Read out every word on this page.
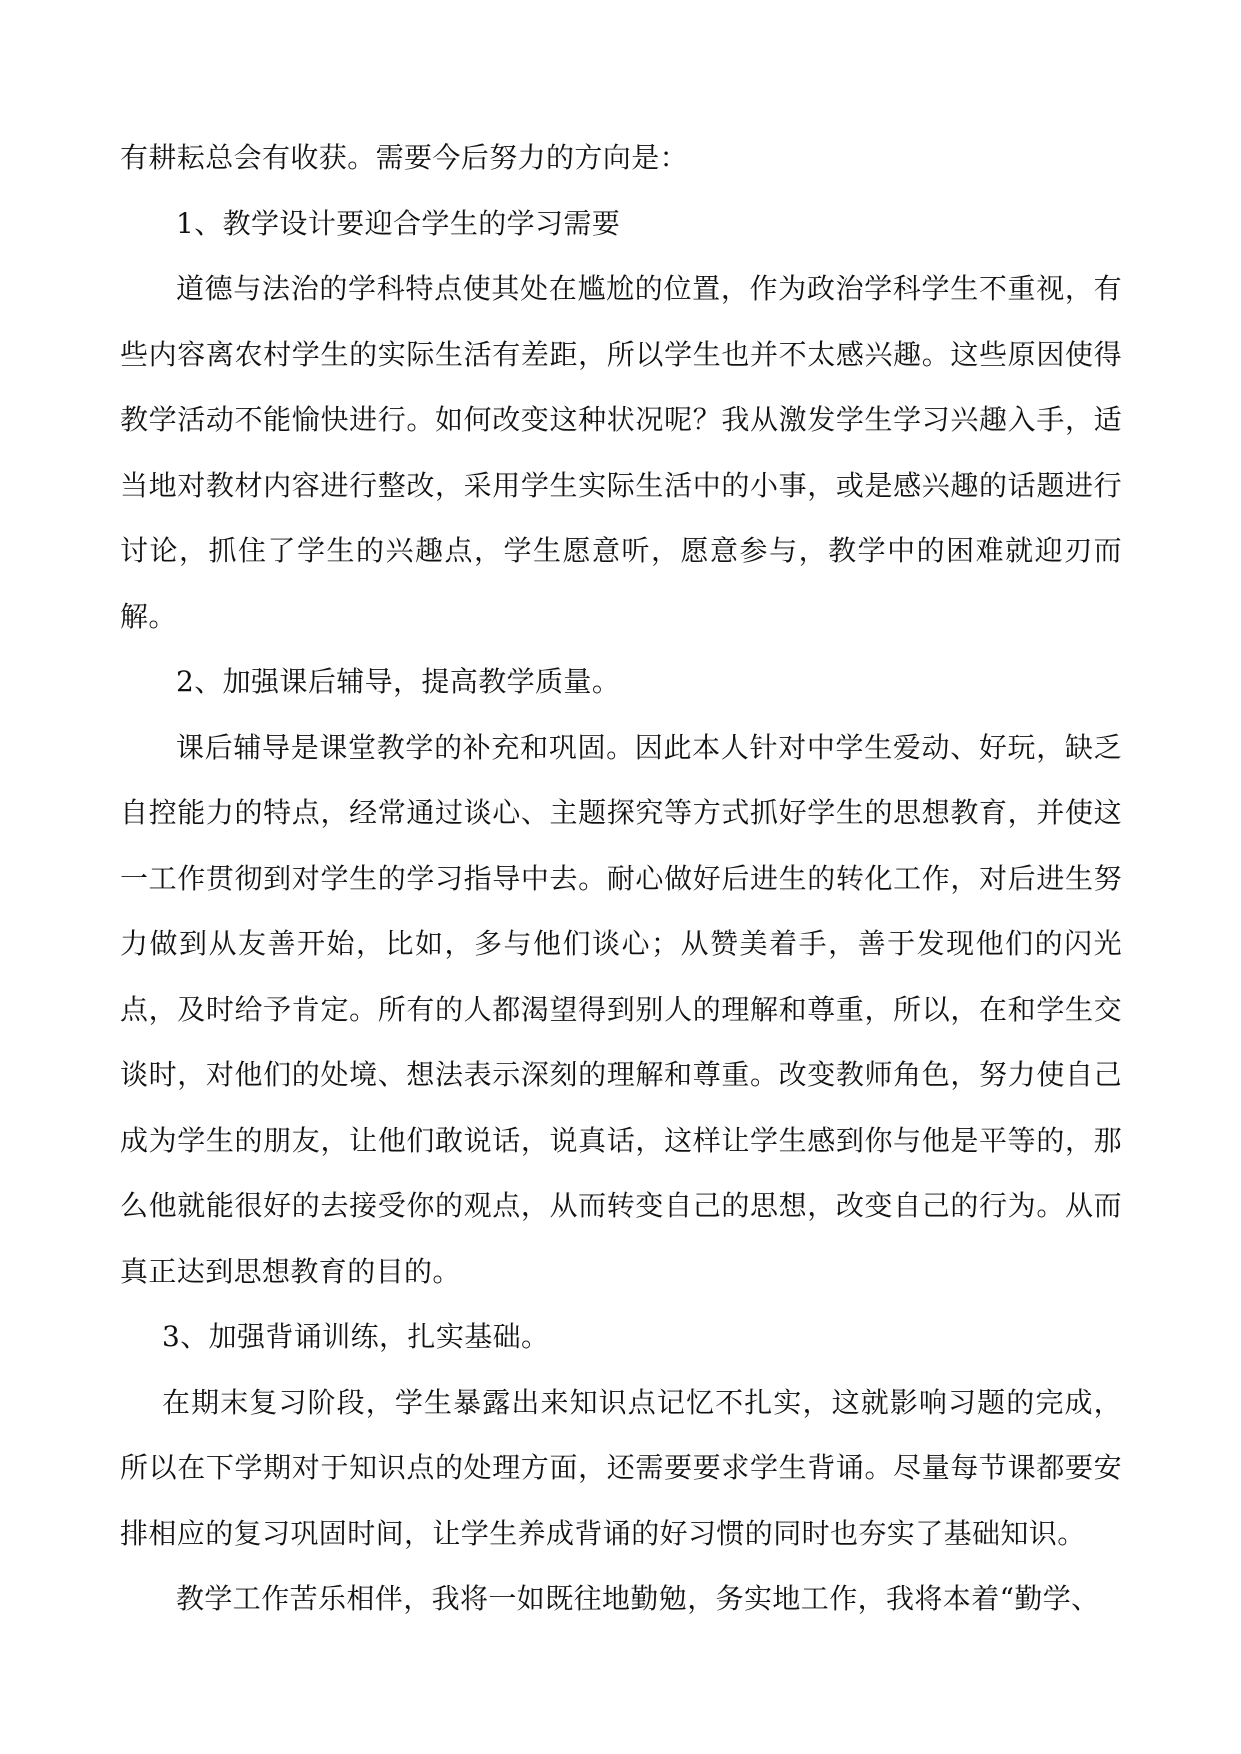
有耕耘总会有收获。需要今后努力的方向是：

1、教学设计要迎合学生的学习需要

道德与法治的学科特点使其处在尴尬的位置，作为政治学科学生不重视，有些内容离农村学生的实际生活有差距，所以学生也并不太感兴趣。这些原因使得教学活动不能愉快进行。如何改变这种状况呢？我从激发学生学习兴趣入手，适当地对教材内容进行整改，采用学生实际生活中的小事，或是感兴趣的话题进行讨论，抓住了学生的兴趣点，学生愿意听，愿意参与，教学中的困难就迎刃而解。

2、加强课后辅导，提高教学质量。

课后辅导是课堂教学的补充和巩固。因此本人针对中学生爱动、好玩，缺乏自控能力的特点，经常通过谈心、主题探究等方式抓好学生的思想教育，并使这一工作贯彻到对学生的学习指导中去。耐心做好后进生的转化工作，对后进生努力做到从友善开始，比如，多与他们谈心；从赞美着手，善于发现他们的闪光点，及时给予肯定。所有的人都渴望得到别人的理解和尊重，所以，在和学生交谈时，对他们的处境、想法表示深刻的理解和尊重。改变教师角色，努力使自己成为学生的朋友，让他们敢说话，说真话，这样让学生感到你与他是平等的，那么他就能很好的去接受你的观点，从而转变自己的思想，改变自己的行为。从而真正达到思想教育的目的。

3、加强背诵训练，扎实基础。

在期末复习阶段，学生暴露出来知识点记忆不扎实，这就影响习题的完成，所以在下学期对于知识点的处理方面，还需要要求学生背诵。尽量每节课都要安排相应的复习巩固时间，让学生养成背诵的好习惯的同时也夯实了基础知识。

教学工作苦乐相伴，我将一如既往地勤勉，务实地工作，我将本着“勤学、
